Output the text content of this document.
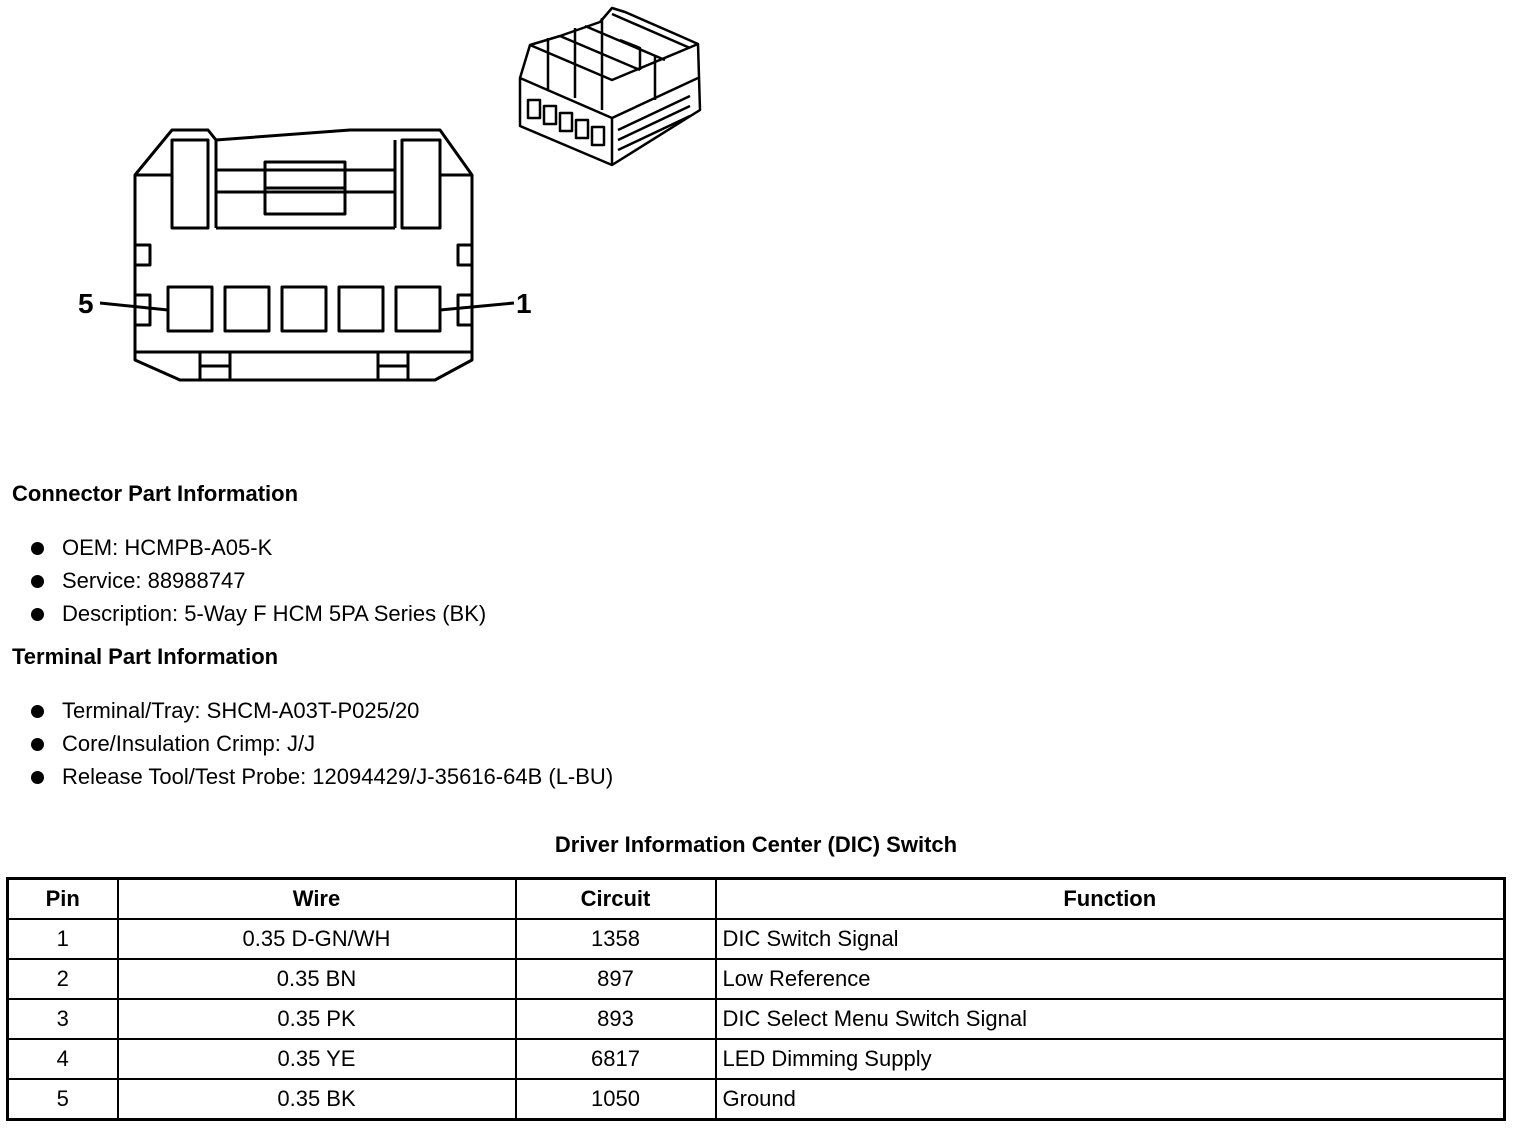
5	1
Connector Part Information
OEM: HCMPB-A05-K
Service: 88988747
Description: 5-Way F HCM 5PA Series (BK)
Terminal Part Information
Terminal/Tray: SHCM-A03T-P025/20
Core/Insulation Crimp: J/J
Release Tool/Test Probe: 12094429/J-35616-64B (L-BU)
Driver Information Center (DIC) Switch
Pin	Wire	Circuit	Function
1	0.35 D-GN/WH	1358	DIC Switch Signal
2	0.35 BN	897	Low Reference
3	0.35 PK	893	DIC Select Menu Switch Signal
4	0.35 YE	6817	LED Dimming Supply
5	0.35 BK	1050	Ground
